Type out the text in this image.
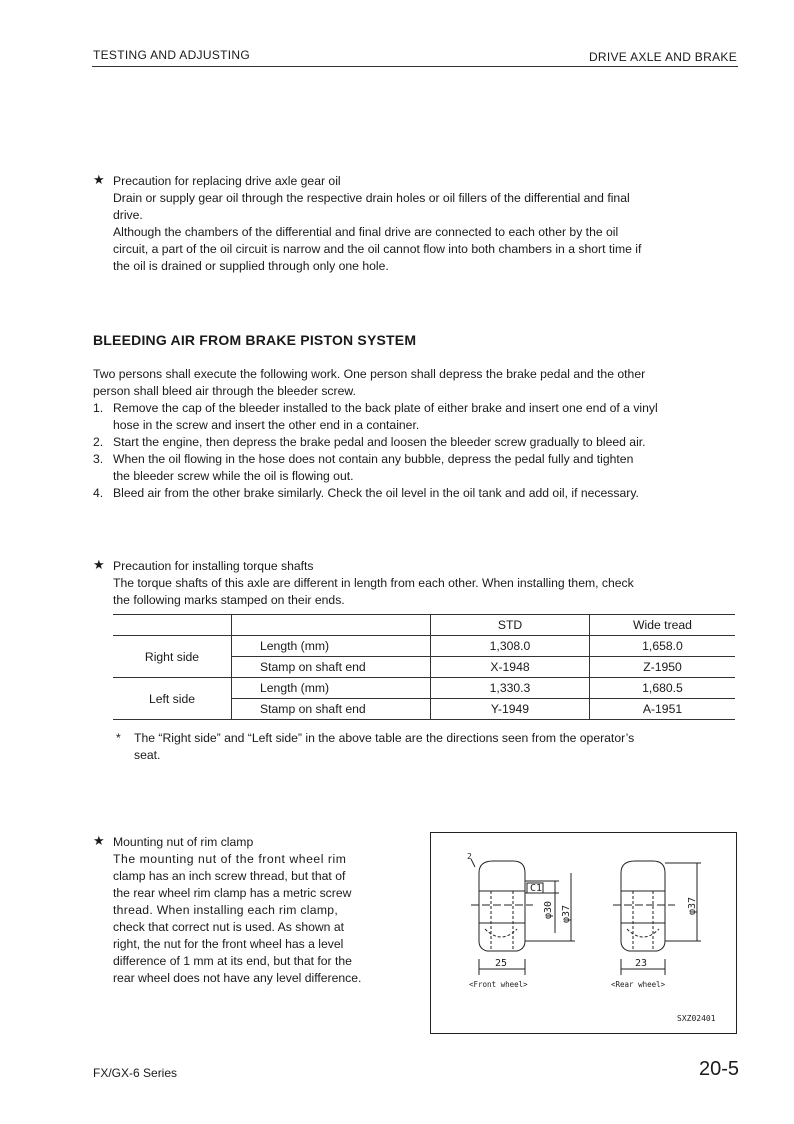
TESTING AND ADJUSTING	DRIVE AXLE AND BRAKE
★ Precaution for replacing drive axle gear oil
Drain or supply gear oil through the respective drain holes or oil fillers of the differential and final
drive.
Although the chambers of the differential and final drive are connected to each other by the oil
circuit, a part of the oil circuit is narrow and the oil cannot flow into both chambers in a short time if
the oil is drained or supplied through only one hole.
BLEEDING AIR FROM BRAKE PISTON SYSTEM
Two persons shall execute the following work. One person shall depress the brake pedal and the other
person shall bleed air through the bleeder screw.
1. Remove the cap of the bleeder installed to the back plate of either brake and insert one end of a vinyl
hose in the screw and insert the other end in a container.
2. Start the engine, then depress the brake pedal and loosen the bleeder screw gradually to bleed air.
3. When the oil flowing in the hose does not contain any bubble, depress the pedal fully and tighten
the bleeder screw while the oil is flowing out.
4. Bleed air from the other brake similarly. Check the oil level in the oil tank and add oil, if necessary.
★ Precaution for installing torque shafts
The torque shafts of this axle are different in length from each other. When installing them, check
the following marks stamped on their ends.
		STD	Wide tread
Right side	Length (mm)	1,308.0	1,658.0
	Stamp on shaft end	X-1948	Z-1950
Left side	Length (mm)	1,330.3	1,680.5
	Stamp on shaft end	Y-1949	A-1951
* The “Right side” and “Left side” in the above table are the directions seen from the operator’s
seat.
★ Mounting nut of rim clamp
The mounting nut of the front wheel rim
clamp has an inch screw thread, but that of
the rear wheel rim clamp has a metric screw
thread. When installing each rim clamp,
check that correct nut is used. As shown at
right, the nut for the front wheel has a level
difference of 1 mm at its end, but that for the
rear wheel does not have any level difference.
C1
φ30 φ37	φ37
25	23
2
<Front wheel>	<Rear wheel>
SXZ02401
FX/GX-6 Series	20-5
